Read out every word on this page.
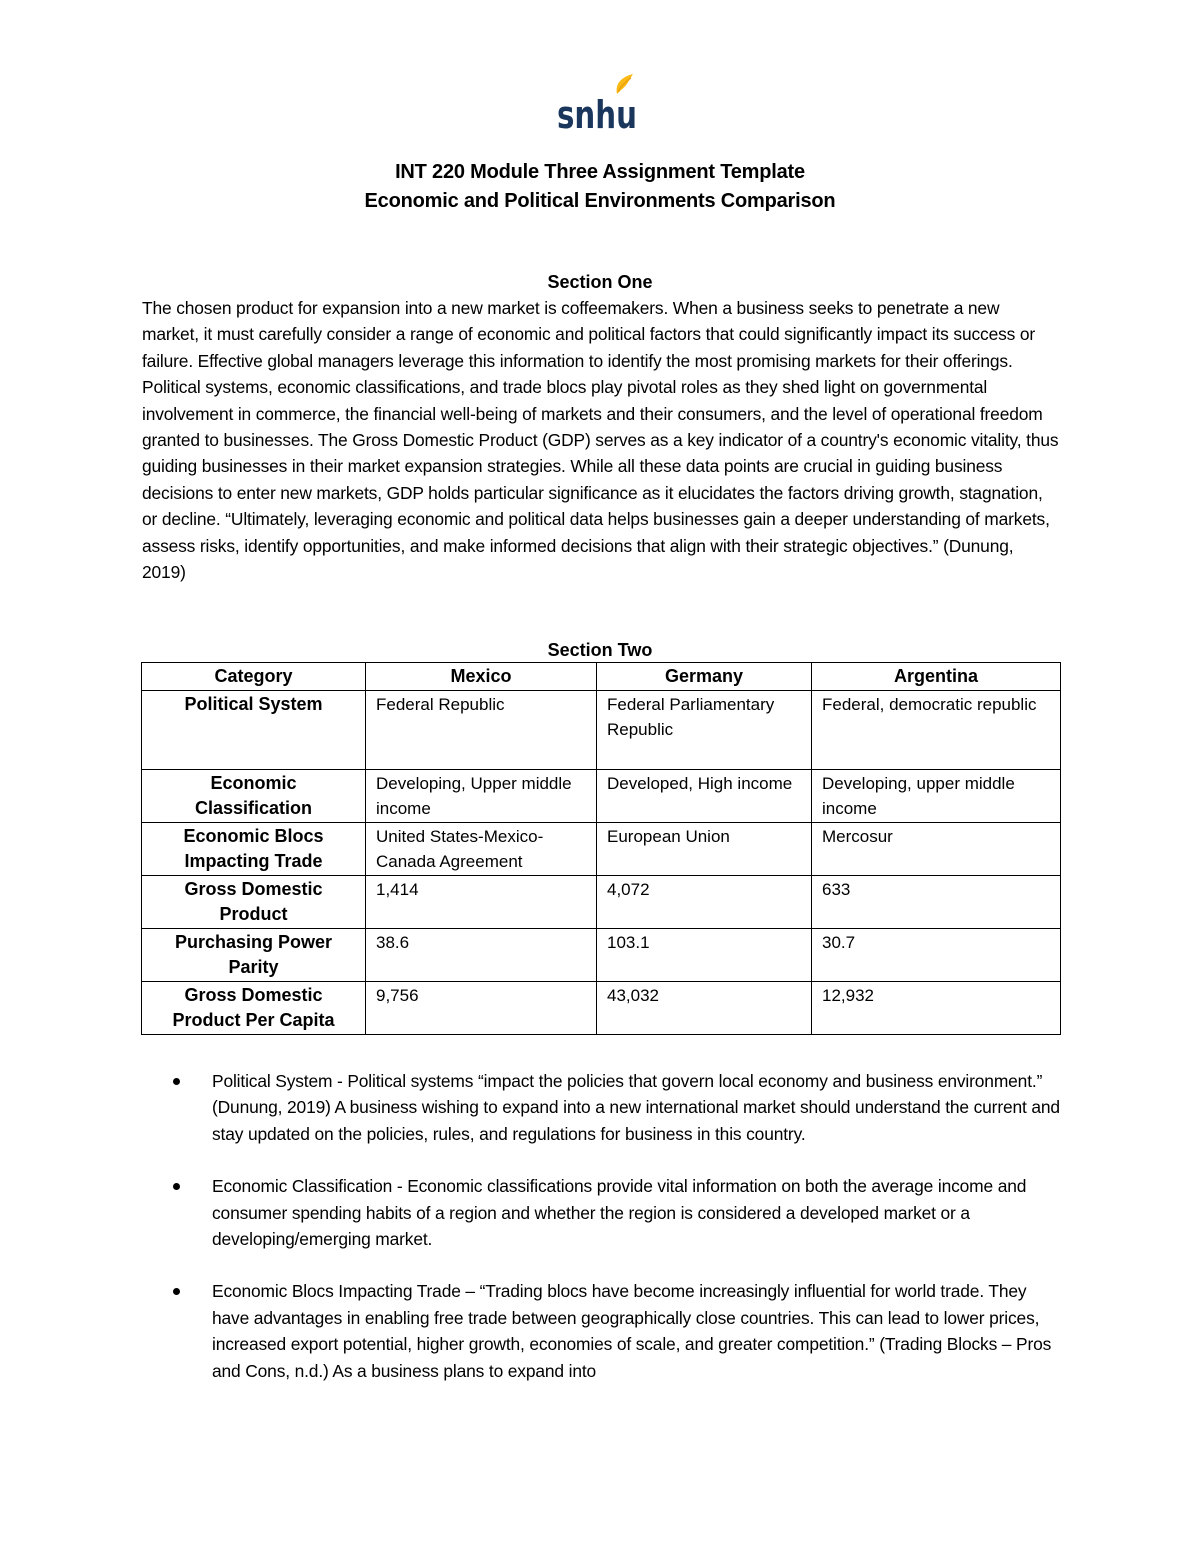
snhu
INT 220 Module Three Assignment Template
Economic and Political Environments Comparison
Section One
The chosen product for expansion into a new market is coffeemakers. When a business seeks to penetrate a new market, it must carefully consider a range of economic and political factors that could significantly impact its success or failure. Effective global managers leverage this information to identify the most promising markets for their offerings. Political systems, economic classifications, and trade blocs play pivotal roles as they shed light on governmental involvement in commerce, the financial well-being of markets and their consumers, and the level of operational freedom granted to businesses. The Gross Domestic Product (GDP) serves as a key indicator of a country's economic vitality, thus guiding businesses in their market expansion strategies. While all these data points are crucial in guiding business decisions to enter new markets, GDP holds particular significance as it elucidates the factors driving growth, stagnation, or decline. “Ultimately, leveraging economic and political data helps businesses gain a deeper understanding of markets, assess risks, identify opportunities, and make informed decisions that align with their strategic objectives.” (Dunung, 2019)
Section Two
Category	Mexico	Germany	Argentina
Political System	Federal Republic	Federal Parliamentary Republic	Federal, democratic republic
Economic Classification	Developing, Upper middle income	Developed, High income	Developing, upper middle income
Economic Blocs Impacting Trade	United States-Mexico-Canada Agreement	European Union	Mercosur
Gross Domestic Product	1,414	4,072	633
Purchasing Power Parity	38.6	103.1	30.7
Gross Domestic Product Per Capita	9,756	43,032	12,932
Political System - Political systems “impact the policies that govern local economy and business environment.” (Dunung, 2019) A business wishing to expand into a new international market should understand the current and stay updated on the policies, rules, and regulations for business in this country.
Economic Classification - Economic classifications provide vital information on both the average income and consumer spending habits of a region and whether the region is considered a developed market or a developing/emerging market.
Economic Blocs Impacting Trade – “Trading blocs have become increasingly influential for world trade. They have advantages in enabling free trade between geographically close countries. This can lead to lower prices, increased export potential, higher growth, economies of scale, and greater competition.” (Trading Blocks – Pros and Cons, n.d.) As a business plans to expand into
